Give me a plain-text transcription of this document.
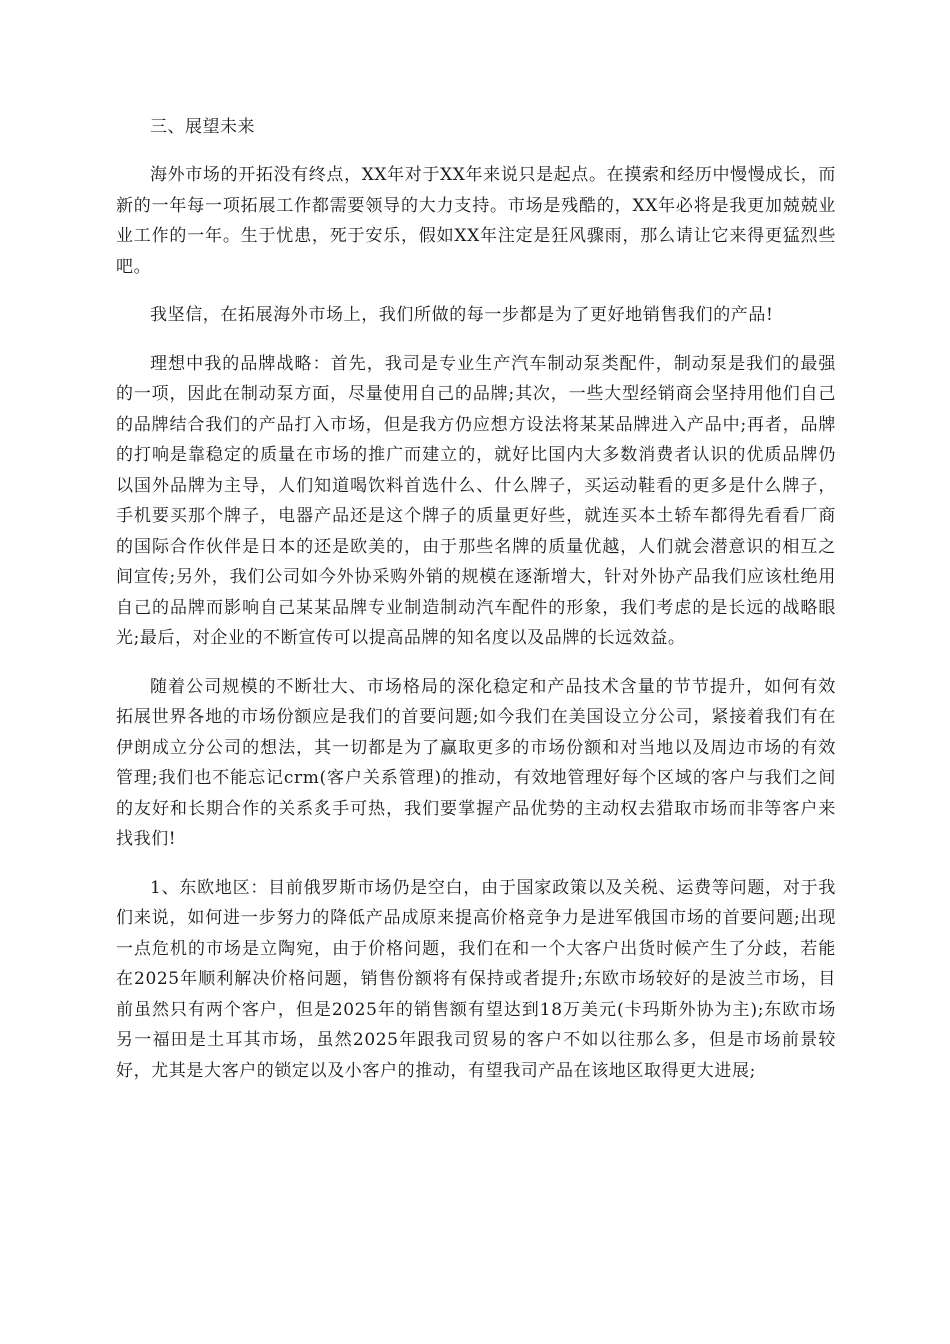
三、展望未来

海外市场的开拓没有终点，XX年对于XX年来说只是起点。在摸索和经历中慢慢成长，而新的一年每一项拓展工作都需要领导的大力支持。市场是残酷的，XX年必将是我更加兢兢业业工作的一年。生于忧患，死于安乐，假如XX年注定是狂风骤雨，那么请让它来得更猛烈些吧。

我坚信，在拓展海外市场上，我们所做的每一步都是为了更好地销售我们的产品!

理想中我的品牌战略：首先，我司是专业生产汽车制动泵类配件，制动泵是我们的最强的一项，因此在制动泵方面，尽量使用自己的品牌;其次，一些大型经销商会坚持用他们自己的品牌结合我们的产品打入市场，但是我方仍应想方设法将某某品牌进入产品中;再者，品牌的打响是靠稳定的质量在市场的推广而建立的，就好比国内大多数消费者认识的优质品牌仍以国外品牌为主导，人们知道喝饮料首选什么、什么牌子，买运动鞋看的更多是什么牌子，手机要买那个牌子，电器产品还是这个牌子的质量更好些，就连买本土轿车都得先看看厂商的国际合作伙伴是日本的还是欧美的，由于那些名牌的质量优越，人们就会潜意识的相互之间宣传;另外，我们公司如今外协采购外销的规模在逐渐增大，针对外协产品我们应该杜绝用自己的品牌而影响自己某某品牌专业制造制动汽车配件的形象，我们考虑的是长远的战略眼光;最后，对企业的不断宣传可以提高品牌的知名度以及品牌的长远效益。

随着公司规模的不断壮大、市场格局的深化稳定和产品技术含量的节节提升，如何有效拓展世界各地的市场份额应是我们的首要问题;如今我们在美国设立分公司，紧接着我们有在伊朗成立分公司的想法，其一切都是为了赢取更多的市场份额和对当地以及周边市场的有效管理;我们也不能忘记crm(客户关系管理)的推动，有效地管理好每个区域的客户与我们之间的友好和长期合作的关系炙手可热，我们要掌握产品优势的主动权去猎取市场而非等客户来找我们!

1、东欧地区：目前俄罗斯市场仍是空白，由于国家政策以及关税、运费等问题，对于我们来说，如何进一步努力的降低产品成原来提高价格竞争力是进军俄国市场的首要问题;出现一点危机的市场是立陶宛，由于价格问题，我们在和一个大客户出货时候产生了分歧，若能在2025年顺利解决价格问题，销售份额将有保持或者提升;东欧市场较好的是波兰市场，目前虽然只有两个客户，但是2025年的销售额有望达到18万美元(卡玛斯外协为主);东欧市场另一福田是土耳其市场，虽然2025年跟我司贸易的客户不如以往那么多，但是市场前景较好，尤其是大客户的锁定以及小客户的推动，有望我司产品在该地区取得更大进展;
